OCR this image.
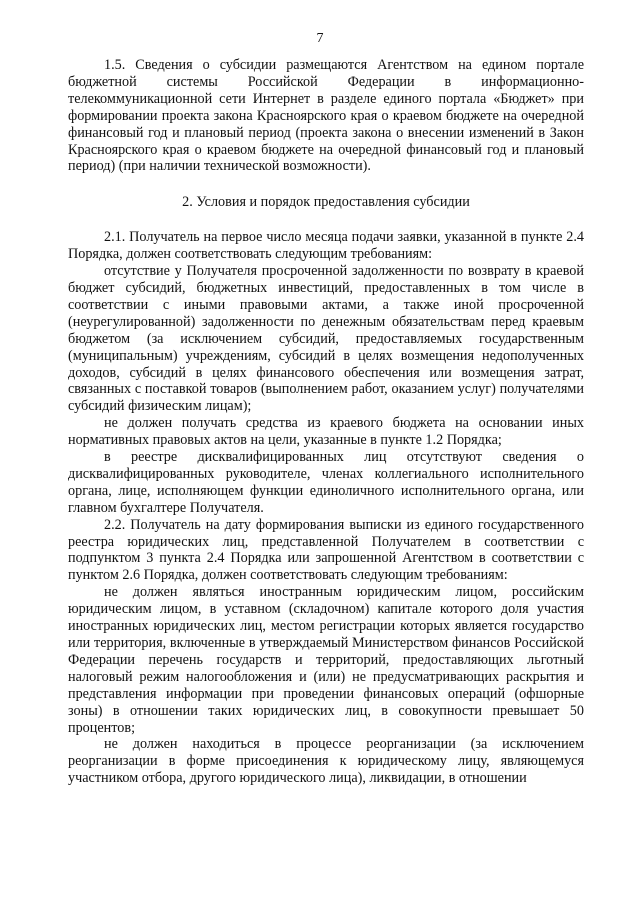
7

1.5. Сведения о субсидии размещаются Агентством на едином портале бюджетной системы Российской Федерации в информационно-телекоммуникационной сети Интернет в разделе единого портала «Бюджет» при формировании проекта закона Красноярского края о краевом бюджете на очередной финансовый год и плановый период (проекта закона о внесении изменений в Закон Красноярского края о краевом бюджете на очередной финансовый год и плановый период) (при наличии технической возможности).

2. Условия и порядок предоставления субсидии

2.1. Получатель на первое число месяца подачи заявки, указанной в пункте 2.4 Порядка, должен соответствовать следующим требованиям:

отсутствие у Получателя просроченной задолженности по возврату в краевой бюджет субсидий, бюджетных инвестиций, предоставленных в том числе в соответствии с иными правовыми актами, а также иной просроченной (неурегулированной) задолженности по денежным обязательствам перед краевым бюджетом (за исключением субсидий, предоставляемых государственным (муниципальным) учреждениям, субсидий в целях возмещения недополученных доходов, субсидий в целях финансового обеспечения или возмещения затрат, связанных с поставкой товаров (выполнением работ, оказанием услуг) получателями субсидий физическим лицам);

не должен получать средства из краевого бюджета на основании иных нормативных правовых актов на цели, указанные в пункте 1.2 Порядка;

в реестре дисквалифицированных лиц отсутствуют сведения о дисквалифицированных руководителе, членах коллегиального исполнительного органа, лице, исполняющем функции единоличного исполнительного органа, или главном бухгалтере Получателя.

2.2. Получатель на дату формирования выписки из единого государственного реестра юридических лиц, представленной Получателем в соответствии с подпунктом 3 пункта 2.4 Порядка или запрошенной Агентством в соответствии с пунктом 2.6 Порядка, должен соответствовать следующим требованиям:

не должен являться иностранным юридическим лицом, российским юридическим лицом, в уставном (складочном) капитале которого доля участия иностранных юридических лиц, местом регистрации которых является государство или территория, включенные в утверждаемый Министерством финансов Российской Федерации перечень государств и территорий, предоставляющих льготный налоговый режим налогообложения и (или) не предусматривающих раскрытия и представления информации при проведении финансовых операций (офшорные зоны) в отношении таких юридических лиц, в совокупности превышает 50 процентов;

не должен находиться в процессе реорганизации (за исключением реорганизации в форме присоединения к юридическому лицу, являющемуся участником отбора, другого юридического лица), ликвидации, в отношении
